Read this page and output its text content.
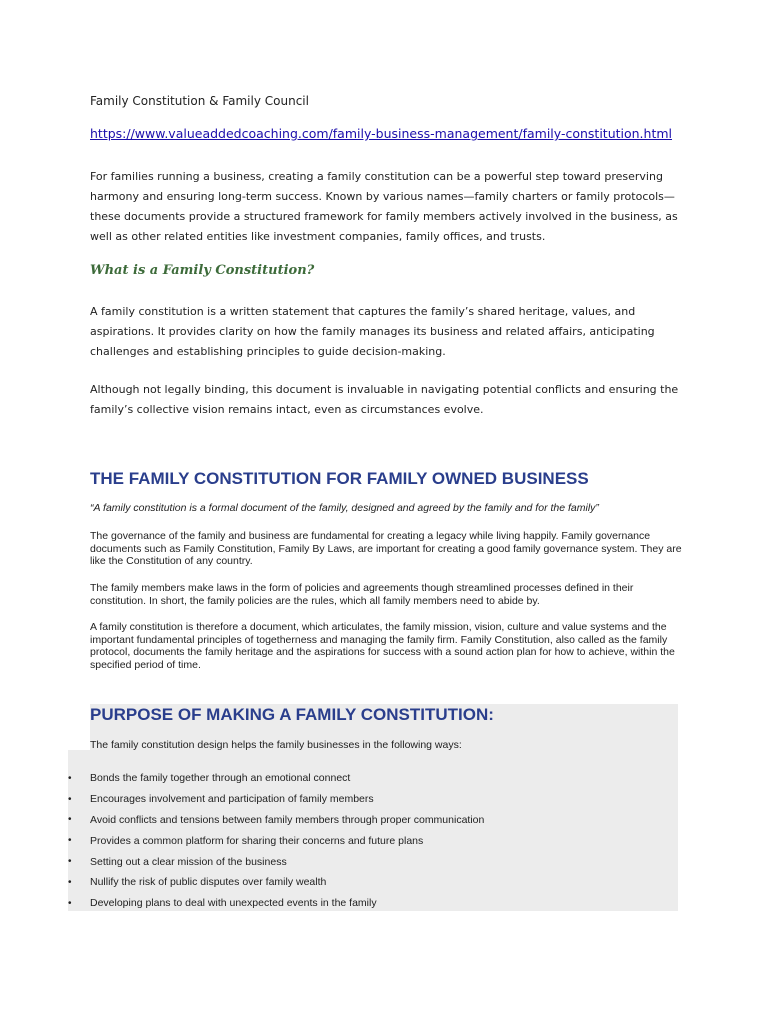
Family Constitution & Family Council
https://www.valueaddedcoaching.com/family-business-management/family-constitution.html
For families running a business, creating a family constitution can be a powerful step toward preserving harmony and ensuring long-term success. Known by various names—family charters or family protocols—these documents provide a structured framework for family members actively involved in the business, as well as other related entities like investment companies, family offices, and trusts.
What is a Family Constitution?
A family constitution is a written statement that captures the family’s shared heritage, values, and aspirations. It provides clarity on how the family manages its business and related affairs, anticipating challenges and establishing principles to guide decision-making.
Although not legally binding, this document is invaluable in navigating potential conflicts and ensuring the family’s collective vision remains intact, even as circumstances evolve.
THE FAMILY CONSTITUTION FOR FAMILY OWNED BUSINESS
“A family constitution is a formal document of the family, designed and agreed by the family and for the family”
The governance of the family and business are fundamental for creating a legacy while living happily. Family governance documents such as Family Constitution, Family By Laws, are important for creating a good family governance system. They are like the Constitution of any country.
The family members make laws in the form of policies and agreements though streamlined processes defined in their constitution. In short, the family policies are the rules, which all family members need to abide by.
A family constitution is therefore a document, which articulates, the family mission, vision, culture and value systems and the important fundamental principles of togetherness and managing the family firm. Family Constitution, also called as the family protocol, documents the family heritage and the aspirations for success with a sound action plan for how to achieve, within the specified period of time.
PURPOSE OF MAKING A FAMILY CONSTITUTION:
The family constitution design helps the family businesses in the following ways:
•	Bonds the family together through an emotional connect
•	Encourages involvement and participation of family members
•	Avoid conflicts and tensions between family members through proper communication
•	Provides a common platform for sharing their concerns and future plans
•	Setting out a clear mission of the business
•	Nullify the risk of public disputes over family wealth
•	Developing plans to deal with unexpected events in the family
